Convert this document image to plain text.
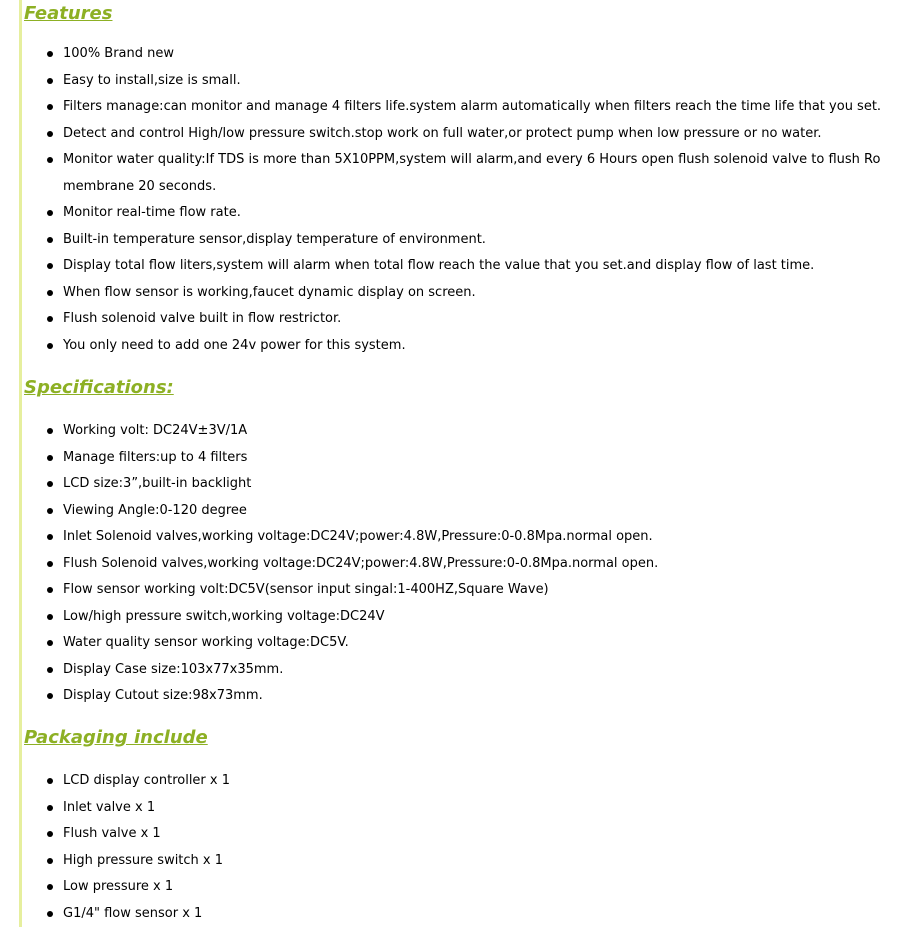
Features
100% Brand new
Easy to install,size is small.
Filters manage:can monitor and manage 4 filters life.system alarm automatically when filters reach the time life that you set.
Detect and control High/low pressure switch.stop work on full water,or protect pump when low pressure or no water.
Monitor water quality:If TDS is more than 5X10PPM,system will alarm,and every 6 Hours open flush solenoid valve to flush Ro membrane 20 seconds.
Monitor real-time flow rate.
Built-in temperature sensor,display temperature of environment.
Display total flow liters,system will alarm when total flow reach the value that you set.and display flow of last time.
When flow sensor is working,faucet dynamic display on screen.
Flush solenoid valve built in flow restrictor.
You only need to add one 24v power for this system.
Specifications:
Working volt: DC24V±3V/1A
Manage filters:up to 4 filters
LCD size:3”,built-in backlight
Viewing Angle:0-120 degree
Inlet Solenoid valves,working voltage:DC24V;power:4.8W,Pressure:0-0.8Mpa.normal open.
Flush Solenoid valves,working voltage:DC24V;power:4.8W,Pressure:0-0.8Mpa.normal open.
Flow sensor working volt:DC5V(sensor input singal:1-400HZ,Square Wave)
Low/high pressure switch,working voltage:DC24V
Water quality sensor working voltage:DC5V.
Display Case size:103x77x35mm.
Display Cutout size:98x73mm.
Packaging include
LCD display controller x 1
Inlet valve x 1
Flush valve x 1
High pressure switch x 1
Low pressure x 1
G1/4" flow sensor x 1
